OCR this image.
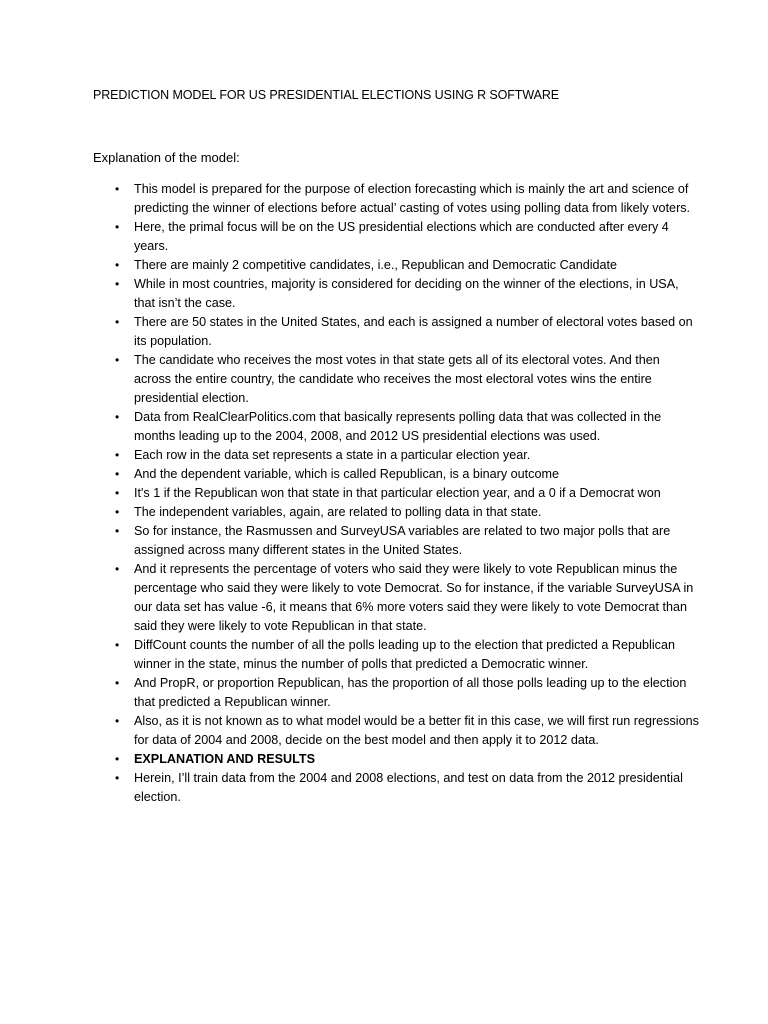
PREDICTION MODEL FOR US PRESIDENTIAL ELECTIONS USING R SOFTWARE
Explanation of the model:
• This model is prepared for the purpose of election forecasting which is mainly the art and science of predicting the winner of elections before actual’ casting of votes using polling data from likely voters.
• Here, the primal focus will be on the US presidential elections which are conducted after every 4 years.
• There are mainly 2 competitive candidates, i.e., Republican and Democratic Candidate
• While in most countries, majority is considered for deciding on the winner of the elections, in USA, that isn’t the case.
• There are 50 states in the United States, and each is assigned a number of electoral votes based on its population.
• The candidate who receives the most votes in that state gets all of its electoral votes. And then across the entire country, the candidate who receives the most electoral votes wins the entire presidential election.
• Data from RealClearPolitics.com that basically represents polling data that was collected in the months leading up to the 2004, 2008, and 2012 US presidential elections was used.
• Each row in the data set represents a state in a particular election year.
• And the dependent variable, which is called Republican, is a binary outcome
• It's 1 if the Republican won that state in that particular election year, and a 0 if a Democrat won
• The independent variables, again, are related to polling data in that state.
• So for instance, the Rasmussen and SurveyUSA variables are related to two major polls that are assigned across many different states in the United States.
• And it represents the percentage of voters who said they were likely to vote Republican minus the percentage who said they were likely to vote Democrat. So for instance, if the variable SurveyUSA in our data set has value -6, it means that 6% more voters said they were likely to vote Democrat than said they were likely to vote Republican in that state.
• DiffCount counts the number of all the polls leading up to the election that predicted a Republican winner in the state, minus the number of polls that predicted a Democratic winner.
• And PropR, or proportion Republican, has the proportion of all those polls leading up to the election that predicted a Republican winner.
• Also, as it is not known as to what model would be a better fit in this case, we will first run regressions for data of 2004 and 2008, decide on the best model and then apply it to 2012 data.
• EXPLANATION AND RESULTS
• Herein, I’ll train data from the 2004 and 2008 elections, and test on data from the 2012 presidential election.
